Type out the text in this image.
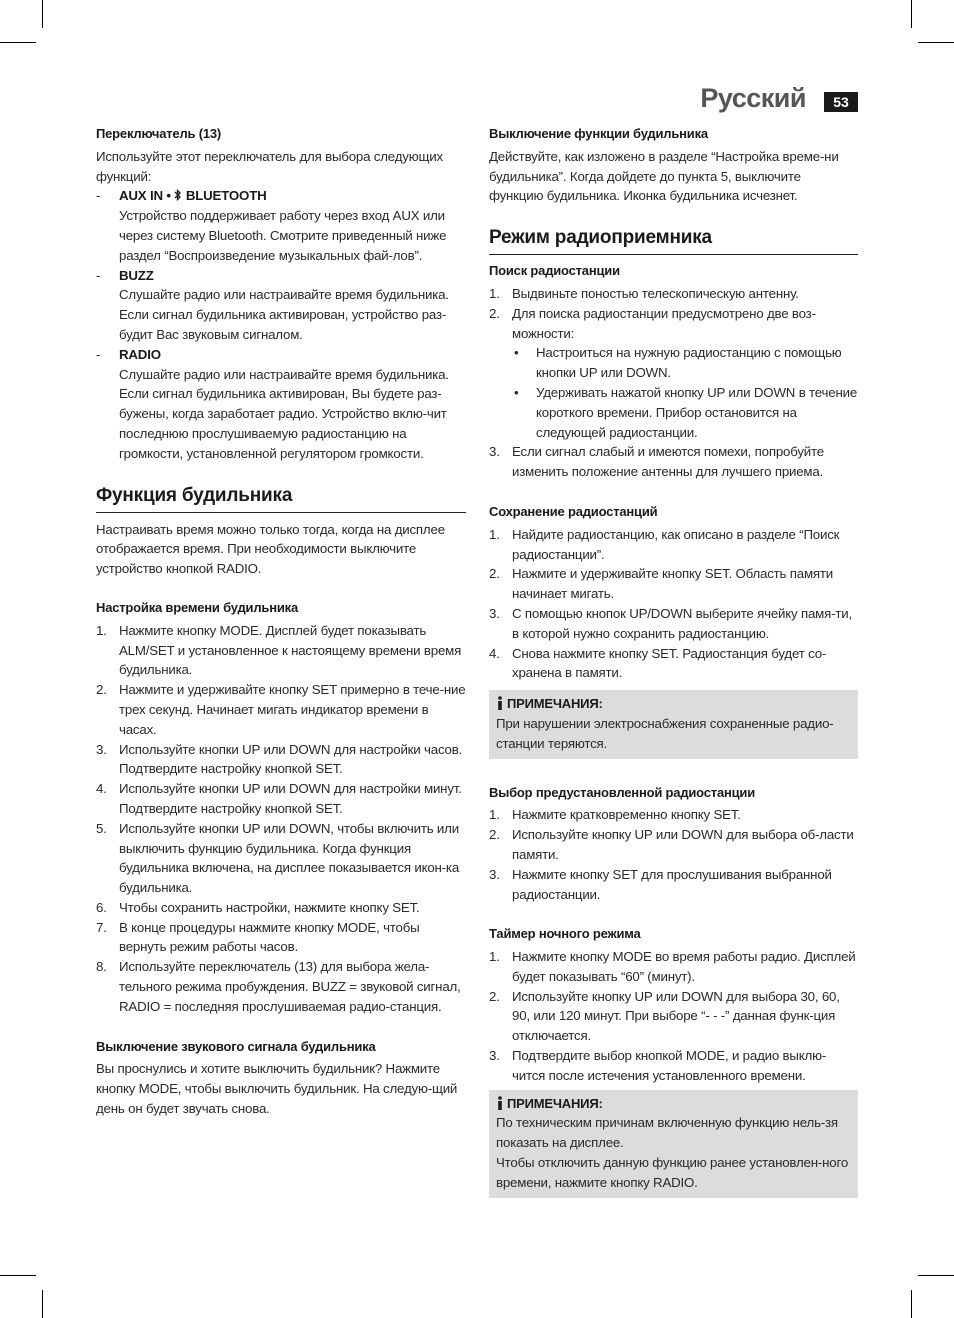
Русский	53

Переключатель (13)

Используйте этот переключатель для выбора следующих функций:

- AUX IN •  BLUETOOTH

Устройство поддерживает работу через вход AUX или через систему Bluetooth. Смотрите приведенный ниже раздел “Воспроизведение музыкальных фай-лов”.

- BUZZ

Слушайте радио или настраивайте время будильника. Если сигнал будильника активирован, устройство раз-будит Вас звуковым сигналом.

- RADIO

Слушайте радио или настраивайте время будильника. Если сигнал будильника активирован, Вы будете раз-бужены, когда заработает радио. Устройство вклю-чит последнюю прослушиваемую радиостанцию на громкости, установленной регулятором громкости.

Функция будильника

Настраивать время можно только тогда, когда на дисплее отображается время. При необходимости выключите устройство кнопкой RADIO.

Настройка времени будильника

1. Нажмите кнопку MODE. Дисплей будет показывать ALM/SET и установленное к настоящему времени время будильника.

2. Нажмите и удерживайте кнопку SET примерно в тече-ние трех секунд. Начинает мигать индикатор времени в часах.

3. Используйте кнопки UP или DOWN для настройки часов. Подтвердите настройку кнопкой SET.

4. Используйте кнопки UP или DOWN для настройки минут. Подтвердите настройку кнопкой SET.

5. Используйте кнопки UP или DOWN, чтобы включить или выключить функцию будильника. Когда функция будильника включена, на дисплее показывается икон-ка будильника.

6. Чтобы сохранить настройки, нажмите кнопку SET.

7. В конце процедуры нажмите кнопку MODE, чтобы вернуть режим работы часов.

8. Используйте переключатель (13) для выбора жела-тельного режима пробуждения. BUZZ = звуковой сигнал, RADIO = последняя прослушиваемая радио-станция.

Выключение звукового сигнала будильника

Вы проснулись и хотите выключить будильник? Нажмите кнопку MODE, чтобы выключить будильник. На следую-щий день он будет звучать снова.

Выключение функции будильника

Действуйте, как изложено в разделе “Настройка време-ни будильника”. Когда дойдете до пункта 5, выключите функцию будильника. Иконка будильника исчезнет.

Режим радиоприемника

Поиск радиостанции

1. Выдвиньте понoстью телескопическую антенну.

2. Для поиска радиостанции предусмотрено две воз-можности:

• Настроиться на нужную радиостанцию с помощью кнопки UP или DOWN.

• Удерживать нажатой кнопку UP или DOWN в течение короткого времени. Прибор остановится на следующей радиостанции.

3. Если сигнал слабый и имеются помехи, попробуйте изменить положение антенны для лучшего приема.

Сохранение радиостанций

1. Найдите радиостанцию, как описано в разделе “Поиск радиостанции”.

2. Нажмите и удерживайте кнопку SET. Область памяти начинает мигать.

3. С помощью кнопок UP/DOWN выберите ячейку памя-ти, в которой нужно сохранить радиостанцию.

4. Снова нажмите кнопку SET. Радиостанция будет со-хранена в памяти.

ПРИМЕЧАНИЯ:

При нарушении электроснабжения сохраненные радио-станции теряются.

Выбор предустановленной радиостанции

1. Нажмите кратковременно кнопку SET.

2. Используйте кнопку UP или DOWN для выбора об-ласти памяти.

3. Нажмите кнопку SET для прослушивания выбранной радиостанции.

Таймер ночного режима

1. Нажмите кнопку MODE во время работы радио. Дисплей будет показывать “60” (минут).

2. Используйте кнопку UP или DOWN для выбора 30, 60, 90, или 120 минут. При выборе “- - -” данная функ-ция отключается.

3. Подтвердите выбор кнопкой MODE, и радио выклю-чится после истечения установленного времени.

ПРИМЕЧАНИЯ:

По техническим причинам включенную функцию нель-зя показать на дисплее.

Чтобы отключить данную функцию ранее установлен-ного времени, нажмите кнопку RADIO.
